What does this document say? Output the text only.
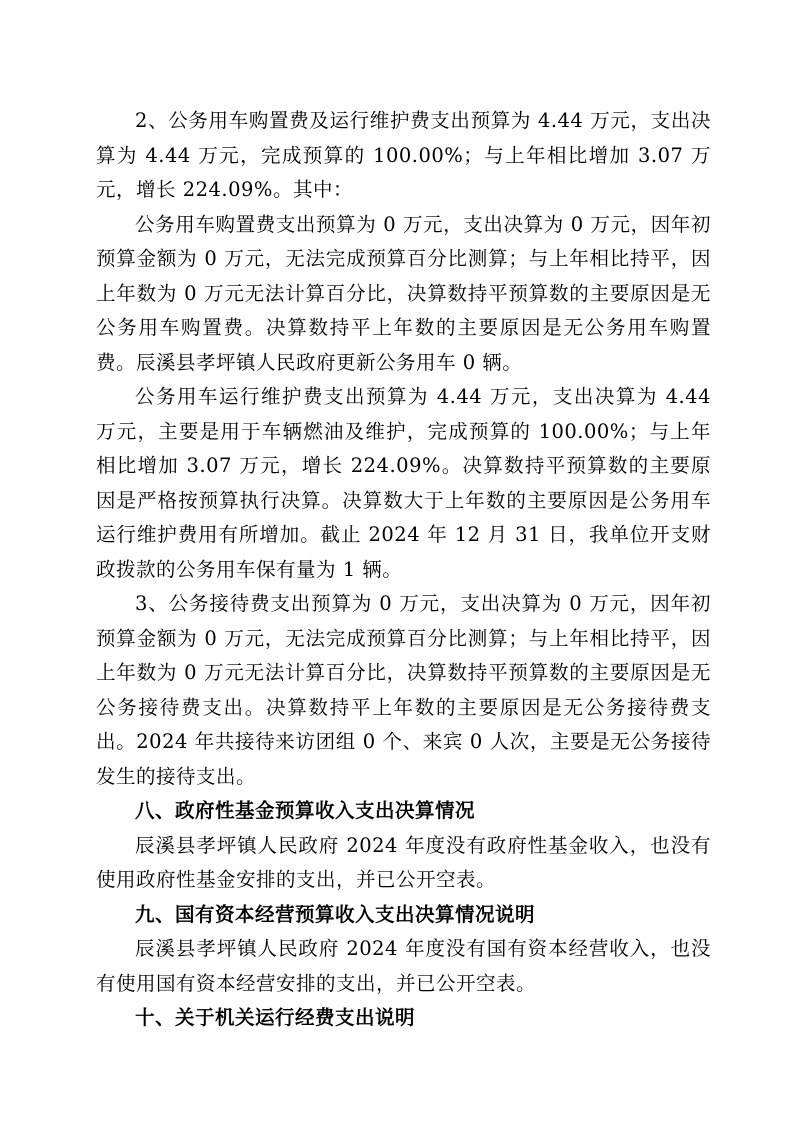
2、公务用车购置费及运行维护费支出预算为 4.44 万元，支出决算为 4.44 万元，完成预算的 100.00%；与上年相比增加 3.07 万元，增长 224.09%。其中：

公务用车购置费支出预算为 0 万元，支出决算为 0 万元，因年初预算金额为 0 万元，无法完成预算百分比测算；与上年相比持平，因上年数为 0 万元无法计算百分比，决算数持平预算数的主要原因是无公务用车购置费。决算数持平上年数的主要原因是无公务用车购置费。辰溪县孝坪镇人民政府更新公务用车 0 辆。

公务用车运行维护费支出预算为 4.44 万元，支出决算为 4.44 万元，主要是用于车辆燃油及维护，完成预算的 100.00%；与上年相比增加 3.07 万元，增长 224.09%。决算数持平预算数的主要原因是严格按预算执行决算。决算数大于上年数的主要原因是公务用车运行维护费用有所增加。截止 2024 年 12 月 31 日，我单位开支财政拨款的公务用车保有量为 1 辆。

3、公务接待费支出预算为 0 万元，支出决算为 0 万元，因年初预算金额为 0 万元，无法完成预算百分比测算；与上年相比持平，因上年数为 0 万元无法计算百分比，决算数持平预算数的主要原因是无公务接待费支出。决算数持平上年数的主要原因是无公务接待费支出。2024 年共接待来访团组 0 个、来宾 0 人次，主要是无公务接待发生的接待支出。

八、政府性基金预算收入支出决算情况

辰溪县孝坪镇人民政府 2024 年度没有政府性基金收入，也没有使用政府性基金安排的支出，并已公开空表。

九、国有资本经营预算收入支出决算情况说明

辰溪县孝坪镇人民政府 2024 年度没有国有资本经营收入，也没有使用国有资本经营安排的支出，并已公开空表。

十、关于机关运行经费支出说明
